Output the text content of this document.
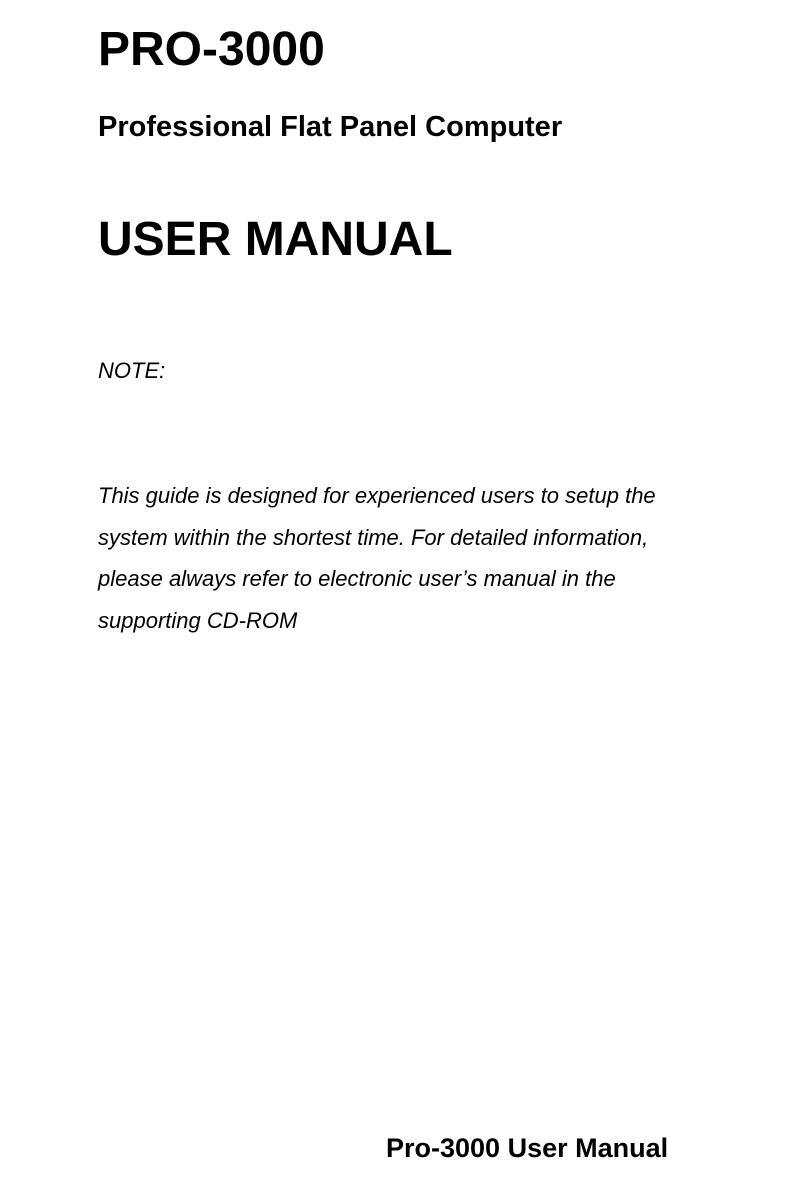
PRO-3000
Professional Flat Panel Computer
USER MANUAL

NOTE:

This guide is designed for experienced users to setup the
system within the shortest time. For detailed information,
please always refer to electronic user’s manual in the
supporting CD-ROM

Pro-3000 User Manual
